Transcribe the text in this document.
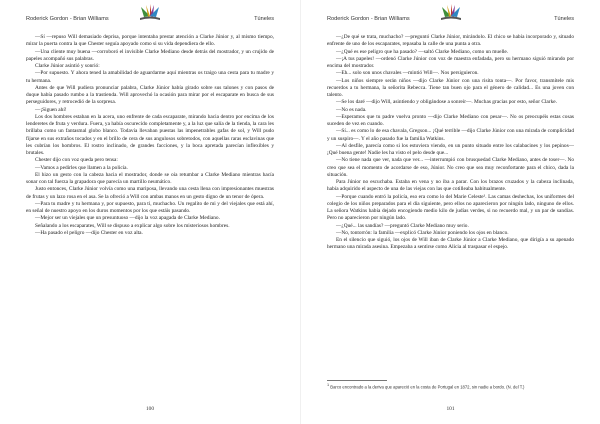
Roderick Gordon - Brian Williams	Túneles

—Sí —repuso Will demasiado deprisa, porque intentaba prestar atención a Clarke Júnior y, al mismo tiempo, mirar la puerta contra la que Chester seguía apoyado como si su vida dependiera de ello.

—Una cliente muy buena —corroboró el invisible Clarke Mediano desde detrás del mostrador, y un crujido de papeles acompañó sus palabras.

Clarke Júnior asintió y sonrió:

—Por supuesto. Y ahora tened la amabilidad de aguardarme aquí mientras os traigo una cesta para tu madre y tu hermana.

Antes de que Will pudiera pronunciar palabra, Clarke Júnior había girado sobre sus talones y con pasos de duque había pasado rumbo a la trastienda. Will aprovechó la ocasión para mirar por el escaparate en busca de sus perseguidores, y retrocedió de la sorpresa.

—¡Siguen ahí!

Los dos hombres estaban en la acera, uno enfrente de cada escaparate, mirando hacia dentro por encima de los lenderetes de fruta y verdura. Fuera, ya había oscurecido completamente y, a la luz que salía de la tienda, la cara les brillaba como un fantasmal globo blanco. Todavía llevaban puestas las impenetrables gafas de sol, y Will pudo fijarse en sus extraños tocados y en el brillo de cera de sus angulosos sobretodos, con aquellas raras esclavinas que les cubrían los hombros. El rostro inclinado, de grandes facciones, y la boca apretada parecían inflexibles y brutales.

Chester dijo con voz queda pero tensa:

—Vamos a pedirles que llamen a la policía.

El hizo un gesto con la cabeza hacia el mostrador, donde se oía retumbar a Clarke Mediano mientras hacía sonar con tal fuerza la grapadora que parecía un martillo neumático.

Justo entonces, Clarke Júnior volvía como una mariposa, llevando una cesta llena con impresionantes muestras de frutas y un lazo rosa en el asa. Se la ofreció a Will con ambas manos en un gesto digno de un tenor de ópera.

—Para tu madre y tu hermana y, por supuesto, para ti, muchacho. Un regalito de mi y del viejales que está ahí, en señal de nuestro apoyo en los duros momentos por los que estáis pasando.

—Mejor ser un viejales que un presuntuoso —dijo la voz apagada de Clarke Mediano.

Señalando a los escaparates, Will se dispuso a explicar algo sobre los misteriosos hombres.

—Ha pasado el peligro —dijo Chester en voz alta.

100
Roderick Gordon - Brian Williams	Túneles

—¿De qué se trata, muchacho? —preguntó Clarke Júnior, mirándolo. El chico se había incorporado y, situado enfrente de uno de los escaparates, repasaba la calle de una punta a otra.

—¿Qué es ese peligro que ha pasado? —saltó Clarke Mediano, como un muelle.

—¡A tus papeles! —ordenó Clarke Júnior con voz de maestra enfadada, pero su hermano siguió mirando por encima del mostrador.

—Eh... solo son unos chavales —mintió Will—. Nos persiguieron.

—Los niños siempre serán niños —dijo Clarke Júnior con una risita tonta—. Por favor, transmítele mis recuerdos a tu hermana, la señorita Rebecca. Tiene tan buen ojo para el género de calidad... Es una joven con talento.

—Se los daré —dijo Will, asintiendo y obligándose a sonreír—. Muchas gracias por esto, señor Clarke.

—No es nada.

—Esperamos que tu padre vuelva pronto —dijo Clarke Mediano con pesar—. No os preocupéis estas cosas suceden de vez en cuando.

—Sí... es como lo de esa chavala, Gregson... ¡Qué terrible —dijo Clarke Júnior con una mirada de complicidad y un suspiro—. Y el año pasado fue la familia Watkins.

—Al desfile, parecía como si los estuviera viendo, en un punto situado entre los calabacines y los pepinos— ¡Qué buena gente! Nadie les ha visto el pelo desde que...

—No tiene nada que ver, nada que ver... —interrumpió con brusquedad Clarke Mediano, antes de toser—. No creo que sea el momento de acordarse de eso, Júnior. No creo que sea muy reconfortante para el chico, dada la situación.

Para Júnior no escuchaba. Estaba en vena y no iba a parar. Con los brazos cruzados y la cabeza inclinada, había adquirido el aspecto de una de las viejas con las que cotilleaba habitualmente.

—Porque cuando entró la policía, eso era como lo del Marie Celeste¹. Las camas deshechas, los uniformes del colegio de los niños preparados para el día siguiente, pero ellos no aparecieron por ningún lado, ninguno de ellos. La señora Watkins había dejado encogiendo medio kilo de judías verdes, si no recuerdo mal, y un par de sandías. Pero no aparecieron por ningún lado.

—¿Qué... las sandías? —preguntó Clarke Mediano muy serio.

—No, tontorrón: la familia —explicó Clarke Júnior poniendo los ojos en blanco.

En el silencio que siguió, los ojos de Will iban de Clarke Júnior a Clarke Mediano, que dirigía a su apenado hermano una mirada asesina. Empezaba a sentirse como Alicia al traspasar el espejo.

1 Barco encontrado a la deriva que apareció en la costa de Portugal en 1872, sin nadie a bordo. (N. del T.)
101
